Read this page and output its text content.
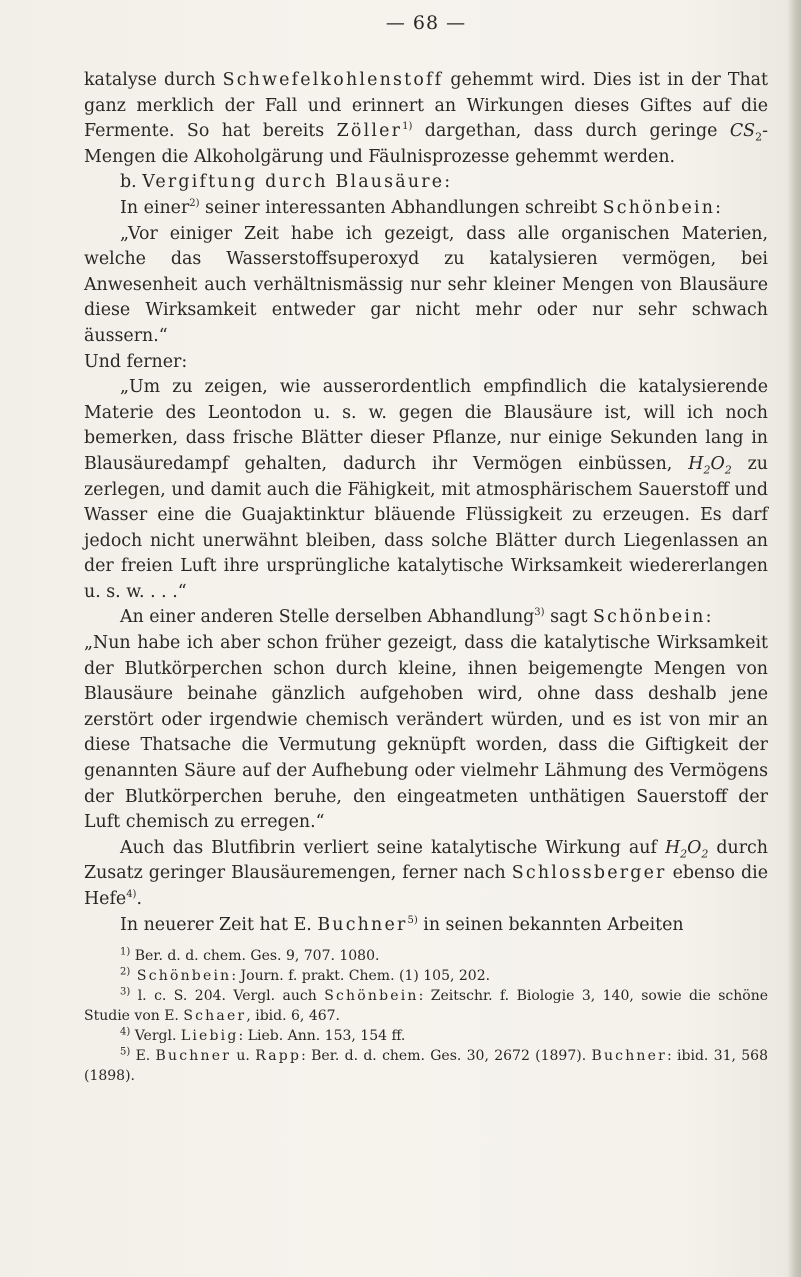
— 68 —

katalyse durch Schwefelkohlenstoff gehemmt wird. Dies ist in der That ganz merklich der Fall und erinnert an Wirkungen dieses Giftes auf die Fermente. So hat bereits Zöller$^{1)}$ dargethan, dass durch geringe $CS_2$-Mengen die Alkoholgärung und Fäulnisprozesse gehemmt werden.

b. Vergiftung durch Blausäure:

In einer$^{2)}$ seiner interessanten Abhandlungen schreibt Schönbein:

„Vor einiger Zeit habe ich gezeigt, dass alle organischen Materien, welche das Wasserstoffsuperoxyd zu katalysieren vermögen, bei Anwesenheit auch verhältnismässig nur sehr kleiner Mengen von Blausäure diese Wirksamkeit entweder gar nicht mehr oder nur sehr schwach äussern.“

Und ferner:

„Um zu zeigen, wie ausserordentlich empfindlich die katalysierende Materie des Leontodon u. s. w. gegen die Blausäure ist, will ich noch bemerken, dass frische Blätter dieser Pflanze, nur einige Sekunden lang in Blausäuredampf gehalten, dadurch ihr Vermögen einbüssen, $H_2O_2$ zu zerlegen, und damit auch die Fähigkeit, mit atmosphärischem Sauerstoff und Wasser eine die Guajaktinktur bläuende Flüssigkeit zu erzeugen. Es darf jedoch nicht unerwähnt bleiben, dass solche Blätter durch Liegenlassen an der freien Luft ihre ursprüngliche katalytische Wirksamkeit wiedererlangen u. s. w. . . .“

An einer anderen Stelle derselben Abhandlung$^{3)}$ sagt Schönbein:

„Nun habe ich aber schon früher gezeigt, dass die katalytische Wirksamkeit der Blutkörperchen schon durch kleine, ihnen beigemengte Mengen von Blausäure beinahe gänzlich aufgehoben wird, ohne dass deshalb jene zerstört oder irgendwie chemisch verändert würden, und es ist von mir an diese Thatsache die Vermutung geknüpft worden, dass die Giftigkeit der genannten Säure auf der Aufhebung oder vielmehr Lähmung des Vermögens der Blutkörperchen beruhe, den eingeatmeten unthätigen Sauerstoff der Luft chemisch zu erregen.“

Auch das Blutfibrin verliert seine katalytische Wirkung auf $H_2O_2$ durch Zusatz geringer Blausäuremengen, ferner nach Schlossberger ebenso die Hefe$^{4)}$.

In neuerer Zeit hat E. Buchner$^{5)}$ in seinen bekannten Arbeiten

$^{1)}$ Ber. d. d. chem. Ges. 9, 707. 1080.

$^{2)}$ Schönbein: Journ. f. prakt. Chem. (1) 105, 202.

$^{3)}$ l. c. S. 204. Vergl. auch Schönbein: Zeitschr. f. Biologie 3, 140, sowie die schöne Studie von E. Schaer, ibid. 6, 467.

$^{4)}$ Vergl. Liebig: Lieb. Ann. 153, 154 ff.

$^{5)}$ E. Buchner u. Rapp: Ber. d. d. chem. Ges. 30, 2672 (1897). Buchner: ibid. 31, 568 (1898).
